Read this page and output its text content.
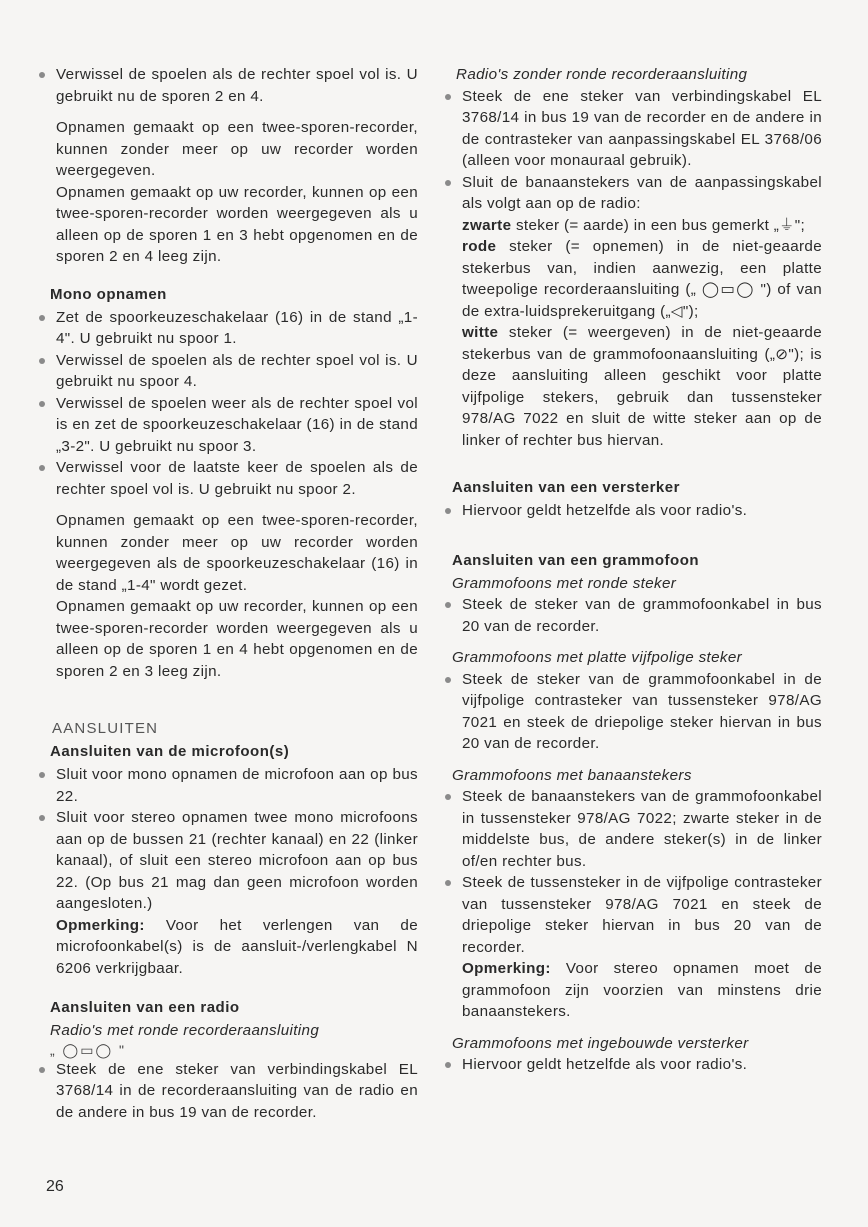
Verwissel de spoelen als de rechter spoel vol is. U gebruikt nu de sporen 2 en 4.
Opnamen gemaakt op een twee-sporen-recorder, kunnen zonder meer op uw recorder worden weergegeven.
Opnamen gemaakt op uw recorder, kunnen op een twee-sporen-recorder worden weergegeven als u alleen op de sporen 1 en 3 hebt opgenomen en de sporen 2 en 4 leeg zijn.
Mono opnamen
Zet de spoorkeuzeschakelaar (16) in de stand „1-4". U gebruikt nu spoor 1.
Verwissel de spoelen als de rechter spoel vol is. U gebruikt nu spoor 4.
Verwissel de spoelen weer als de rechter spoel vol is en zet de spoorkeuzeschakelaar (16) in de stand „3-2". U gebruikt nu spoor 3.
Verwissel voor de laatste keer de spoelen als de rechter spoel vol is. U gebruikt nu spoor 2.
Opnamen gemaakt op een twee-sporen-recorder, kunnen zonder meer op uw recorder worden weergegeven als de spoorkeuzeschakelaar (16) in de stand „1-4" wordt gezet.
Opnamen gemaakt op uw recorder, kunnen op een twee-sporen-recorder worden weergegeven als u alleen op de sporen 1 en 4 hebt opgenomen en de sporen 2 en 3 leeg zijn.
AANSLUITEN
Aansluiten van de microfoon(s)
Sluit voor mono opnamen de microfoon aan op bus 22.
Sluit voor stereo opnamen twee mono microfoons aan op de bussen 21 (rechter kanaal) en 22 (linker kanaal), of sluit een stereo microfoon aan op bus 22. (Op bus 21 mag dan geen microfoon worden aangesloten.)
Opmerking: Voor het verlengen van de microfoonkabel(s) is de aansluit-/verlengkabel N 6206 verkrijgbaar.
Aansluiten van een radio
Radio's met ronde recorderaansluiting
„ ◯▭◯ "
Steek de ene steker van verbindingskabel EL 3768/14 in de recorderaansluiting van de radio en de andere in bus 19 van de recorder.
Radio's zonder ronde recorderaansluiting
Steek de ene steker van verbindingskabel EL 3768/14 in bus 19 van de recorder en de andere in de contrasteker van aanpassingskabel EL 3768/06 (alleen voor monauraal gebruik).
Sluit de banaanstekers van de aanpassingskabel als volgt aan op de radio:
zwarte steker (= aarde) in een bus gemerkt „⏚";
rode steker (= opnemen) in de niet-geaarde stekerbus van, indien aanwezig, een platte tweepolige recorderaansluiting („ ◯▭◯ ") of van de extra-luidsprekeruitgang („◁");
witte steker (= weergeven) in de niet-geaarde stekerbus van de grammofoonaansluiting („⊘"); is deze aansluiting alleen geschikt voor platte vijfpolige stekers, gebruik dan tussensteker 978/AG 7022 en sluit de witte steker aan op de linker of rechter bus hiervan.
Aansluiten van een versterker
Hiervoor geldt hetzelfde als voor radio's.
Aansluiten van een grammofoon
Grammofoons met ronde steker
Steek de steker van de grammofoonkabel in bus 20 van de recorder.
Grammofoons met platte vijfpolige steker
Steek de steker van de grammofoonkabel in de vijfpolige contrasteker van tussensteker 978/AG 7021 en steek de driepolige steker hiervan in bus 20 van de recorder.
Grammofoons met banaanstekers
Steek de banaanstekers van de grammofoonkabel in tussensteker 978/AG 7022; zwarte steker in de middelste bus, de andere steker(s) in de linker of/en rechter bus.
Steek de tussensteker in de vijfpolige contrasteker van tussensteker 978/AG 7021 en steek de driepolige steker hiervan in bus 20 van de recorder.
Opmerking: Voor stereo opnamen moet de grammofoon zijn voorzien van minstens drie banaanstekers.
Grammofoons met ingebouwde versterker
Hiervoor geldt hetzelfde als voor radio's.
26
